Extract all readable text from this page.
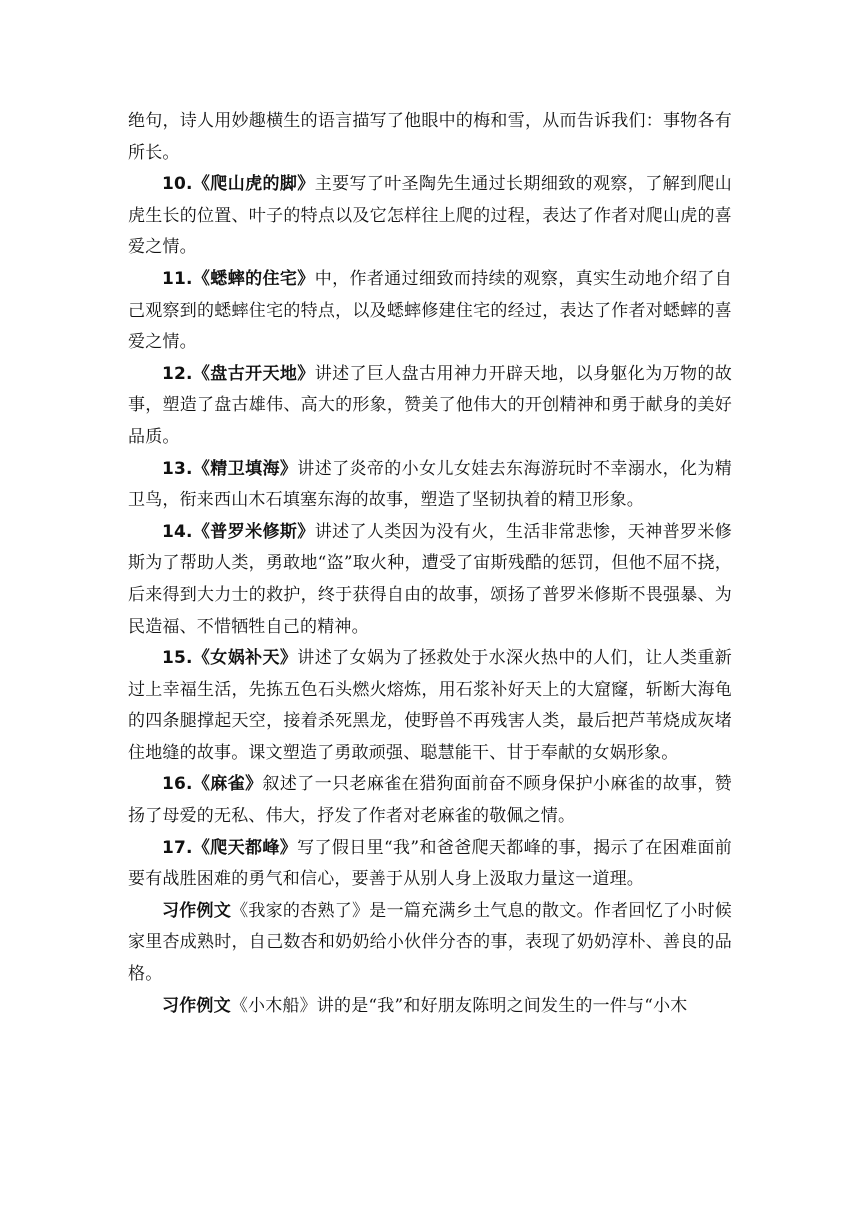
绝句，诗人用妙趣横生的语言描写了他眼中的梅和雪，从而告诉我们：事物各有所长。

10.《爬山虎的脚》主要写了叶圣陶先生通过长期细致的观察，了解到爬山虎生长的位置、叶子的特点以及它怎样往上爬的过程，表达了作者对爬山虎的喜爱之情。

11.《蟋蟀的住宅》中，作者通过细致而持续的观察，真实生动地介绍了自己观察到的蟋蟀住宅的特点，以及蟋蟀修建住宅的经过，表达了作者对蟋蟀的喜爱之情。

12.《盘古开天地》讲述了巨人盘古用神力开辟天地，以身躯化为万物的故事，塑造了盘古雄伟、高大的形象，赞美了他伟大的开创精神和勇于献身的美好品质。

13.《精卫填海》讲述了炎帝的小女儿女娃去东海游玩时不幸溺水，化为精卫鸟，衔来西山木石填塞东海的故事，塑造了坚韧执着的精卫形象。

14.《普罗米修斯》讲述了人类因为没有火，生活非常悲惨，天神普罗米修斯为了帮助人类，勇敢地“盗”取火种，遭受了宙斯残酷的惩罚，但他不屈不挠，后来得到大力士的救护，终于获得自由的故事，颂扬了普罗米修斯不畏强暴、为民造福、不惜牺牲自己的精神。

15.《女娲补天》讲述了女娲为了拯救处于水深火热中的人们，让人类重新过上幸福生活，先拣五色石头燃火熔炼，用石浆补好天上的大窟窿，斩断大海龟的四条腿撑起天空，接着杀死黑龙，使野兽不再残害人类，最后把芦苇烧成灰堵住地缝的故事。课文塑造了勇敢顽强、聪慧能干、甘于奉献的女娲形象。

16.《麻雀》叙述了一只老麻雀在猎狗面前奋不顾身保护小麻雀的故事，赞扬了母爱的无私、伟大，抒发了作者对老麻雀的敬佩之情。

17.《爬天都峰》写了假日里“我”和爸爸爬天都峰的事，揭示了在困难面前要有战胜困难的勇气和信心，要善于从别人身上汲取力量这一道理。

习作例文《我家的杏熟了》是一篇充满乡土气息的散文。作者回忆了小时候家里杏成熟时，自己数杏和奶奶给小伙伴分杏的事，表现了奶奶淳朴、善良的品格。

习作例文《小木船》讲的是“我”和好朋友陈明之间发生的一件与“小木
